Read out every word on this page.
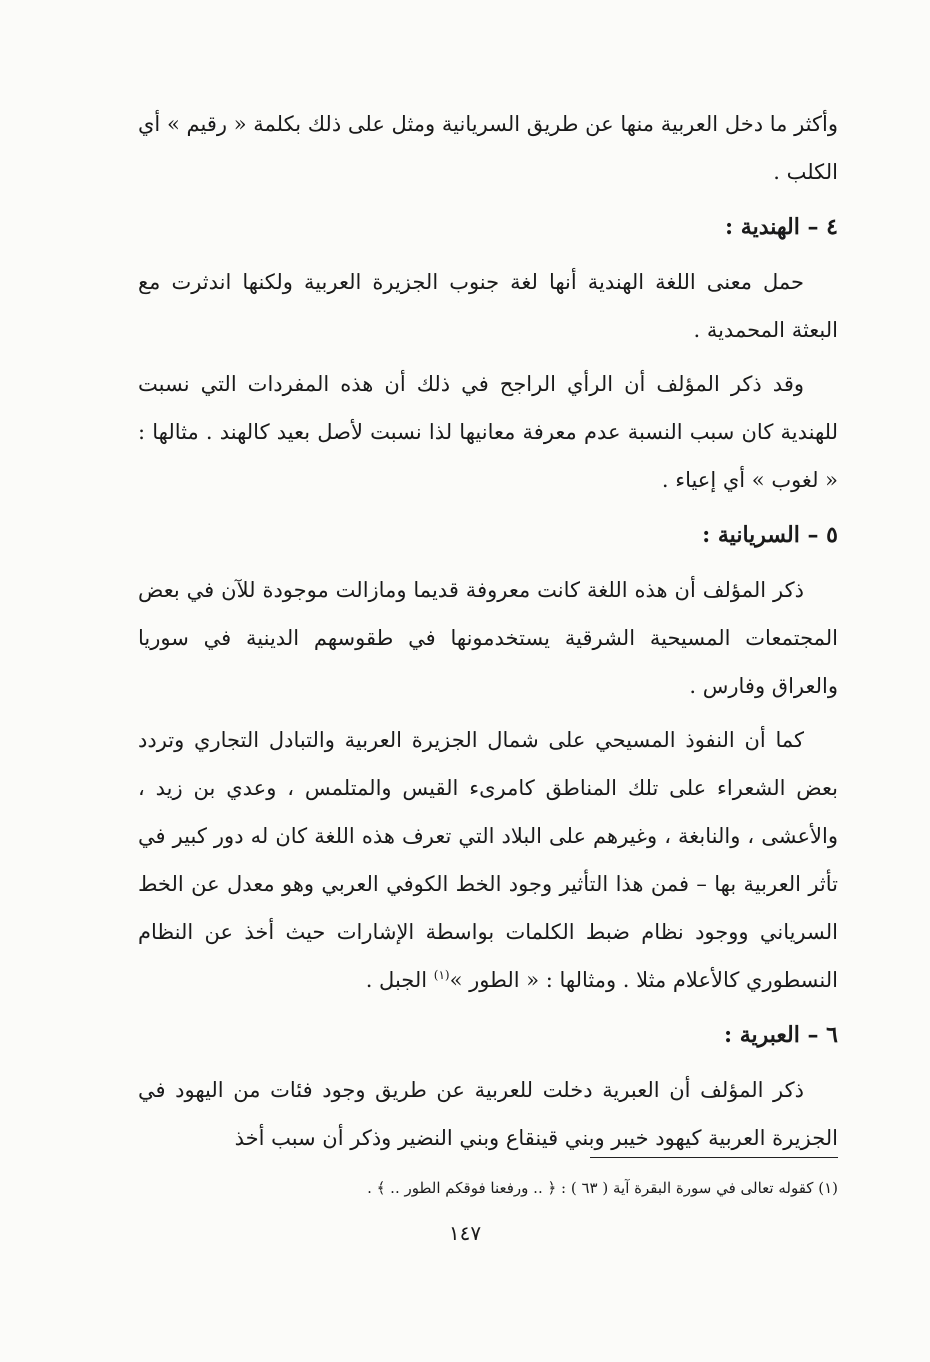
وأكثر ما دخل العربية منها عن طريق السريانية ومثل على ذلك بكلمة « رقيم » أي الكلب .

٤ – الهندية :

حمل معنى اللغة الهندية أنها لغة جنوب الجزيرة العربية ولكنها اندثرت مع البعثة المحمدية .

وقد ذكر المؤلف أن الرأي الراجح في ذلك أن هذه المفردات التي نسبت للهندية كان سبب النسبة عدم معرفة معانيها لذا نسبت لأصل بعيد كالهند . مثالها : « لغوب » أي إعياء .

٥ – السريانية :

ذكر المؤلف أن هذه اللغة كانت معروفة قديما ومازالت موجودة للآن في بعض المجتمعات المسيحية الشرقية يستخدمونها في طقوسهم الدينية في سوريا والعراق وفارس .

كما أن النفوذ المسيحي على شمال الجزيرة العربية والتبادل التجاري وتردد بعض الشعراء على تلك المناطق كامرىء القيس والمتلمس ، وعدي بن زيد ، والأعشى ، والنابغة ، وغيرهم على البلاد التي تعرف هذه اللغة كان له دور كبير في تأثر العربية بها – فمن هذا التأثير وجود الخط الكوفي العربي وهو معدل عن الخط السرياني ووجود نظام ضبط الكلمات بواسطة الإشارات حيث أخذ عن النظام النسطوري كالأعلام مثلا . ومثالها : « الطور »$^{(١)}$ الجبل .

٦ – العبرية :

ذكر المؤلف أن العبرية دخلت للعربية عن طريق وجود فئات من اليهود في الجزيرة العربية كيهود خيبر وبني قينقاع وبني النضير وذكر أن سبب أخذ

(١) كقوله تعالى في سورة البقرة آية ( ٦٣ ) : ﴿ .. ورفعنا فوقكم الطور .. ﴾ .
١٤٧
